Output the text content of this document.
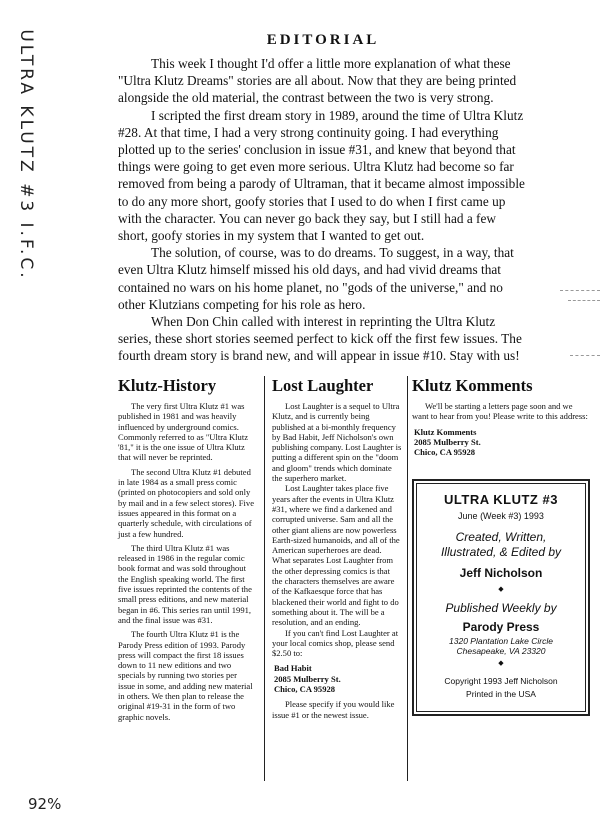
ULTRA KLUTZ #3 I.F.C.	EDITORIAL

This week I thought I'd offer a little more explanation of what these "Ultra Klutz Dreams" stories are all about. Now that they are being printed alongside the old material, the contrast between the two is very strong.

I scripted the first dream story in 1989, around the time of Ultra Klutz #28. At that time, I had a very strong continuity going. I had everything plotted up to the series' conclusion in issue #31, and knew that beyond that things were going to get even more serious. Ultra Klutz had become so far removed from being a parody of Ultraman, that it became almost impossible to do any more short, goofy stories that I used to do when I first came up with the character. You can never go back they say, but I still had a few short, goofy stories in my system that I wanted to get out.

The solution, of course, was to do dreams. To suggest, in a way, that even Ultra Klutz himself missed his old days, and had vivid dreams that contained no wars on his home planet, no "gods of the universe," and no other Klutzians competing for his role as hero.

When Don Chin called with interest in reprinting the Ultra Klutz series, these short stories seemed perfect to kick off the first few issues. The fourth dream story is brand new, and will appear in issue #10. Stay with us!

Klutz-History

The very first Ultra Klutz #1 was published in 1981 and was heavily influenced by underground comics. Commonly referred to as "Ultra Klutz '81," it is the one issue of Ultra Klutz that will never be reprinted.

The second Ultra Klutz #1 debuted in late 1984 as a small press comic (printed on photocopiers and sold only by mail and in a few select stores). Five issues appeared in this format on a quarterly schedule, with circulations of just a few hundred.

The third Ultra Klutz #1 was released in 1986 in the regular comic book format and was sold throughout the English speaking world. The first five issues reprinted the contents of the small press editions, and new material began in #6. This series ran until 1991, and the final issue was #31.

The fourth Ultra Klutz #1 is the Parody Press edition of 1993. Parody press will compact the first 18 issues down to 11 new editions and two specials by running two stories per issue in some, and adding new material in others. We then plan to release the original #19-31 in the form of two graphic novels.

Lost Laughter

Lost Laughter is a sequel to Ultra Klutz, and is currently being published at a bi-monthly frequency by Bad Habit, Jeff Nicholson's own publishing company. Lost Laughter is putting a different spin on the "doom and gloom" trends which dominate the superhero market.

Lost Laughter takes place five years after the events in Ultra Klutz #31, where we find a darkened and corrupted universe. Sam and all the other giant aliens are now powerless Earth-sized humanoids, and all of the American superheroes are dead. What separates Lost Laughter from the other depressing comics is that the characters themselves are aware of the Kafkaesque force that has blackened their world and fight to do something about it. The will be a resolution, and an ending.

If you can't find Lost Laughter at your local comics shop, please send $2.50 to:

Bad Habit
2085 Mulberry St.
Chico, CA 95928

Please specify if you would like issue #1 or the newest issue.

Klutz Komments

We'll be starting a letters page soon and we want to hear from you! Please write to this address:

Klutz Komments
2085 Mulberry St.
Chico, CA 95928

ULTRA KLUTZ #3
June (Week #3) 1993
Created, Written,
Illustrated, & Edited by
Jeff Nicholson
◆
Published Weekly by
Parody Press
1320 Plantation Lake Circle
Chesapeake, VA 23320
◆
Copyright 1993 Jeff Nicholson
Printed in the USA
92%
